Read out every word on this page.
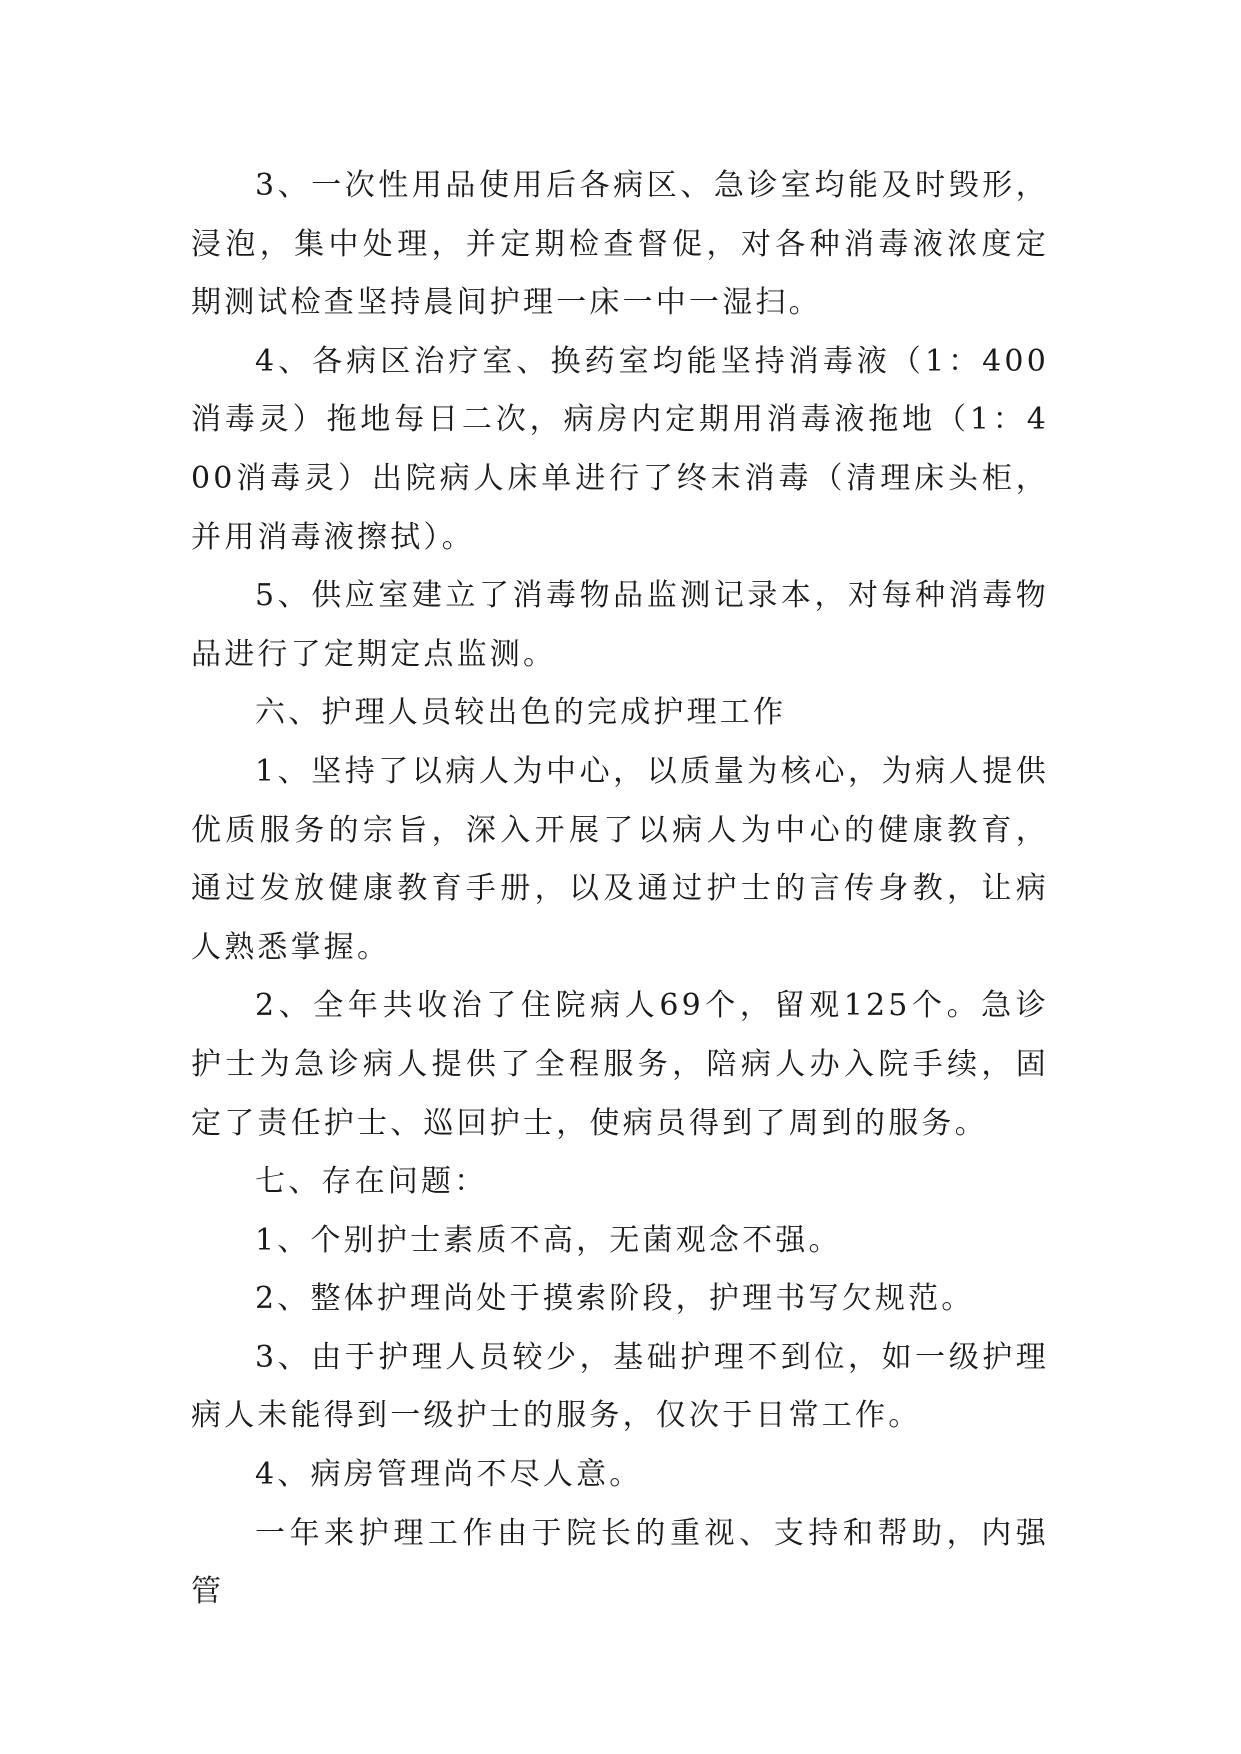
3、一次性用品使用后各病区、急诊室均能及时毁形，浸泡，集中处理，并定期检查督促，对各种消毒液浓度定期测试检查坚持晨间护理一床一中一湿扫。

4、各病区治疗室、换药室均能坚持消毒液（1：400消毒灵）拖地每日二次，病房内定期用消毒液拖地（1：400消毒灵）出院病人床单进行了终末消毒（清理床头柜，并用消毒液擦拭）。

5、供应室建立了消毒物品监测记录本，对每种消毒物品进行了定期定点监测。

六、护理人员较出色的完成护理工作

1、坚持了以病人为中心，以质量为核心，为病人提供优质服务的宗旨，深入开展了以病人为中心的健康教育，通过发放健康教育手册，以及通过护士的言传身教，让病人熟悉掌握。

2、全年共收治了住院病人69个，留观125个。急诊护士为急诊病人提供了全程服务，陪病人办入院手续，固定了责任护士、巡回护士，使病员得到了周到的服务。

七、存在问题：

1、个别护士素质不高，无菌观念不强。

2、整体护理尚处于摸索阶段，护理书写欠规范。

3、由于护理人员较少，基础护理不到位，如一级护理病人未能得到一级护士的服务，仅次于日常工作。

4、病房管理尚不尽人意。

一年来护理工作由于院长的重视、支持和帮助，内强管
